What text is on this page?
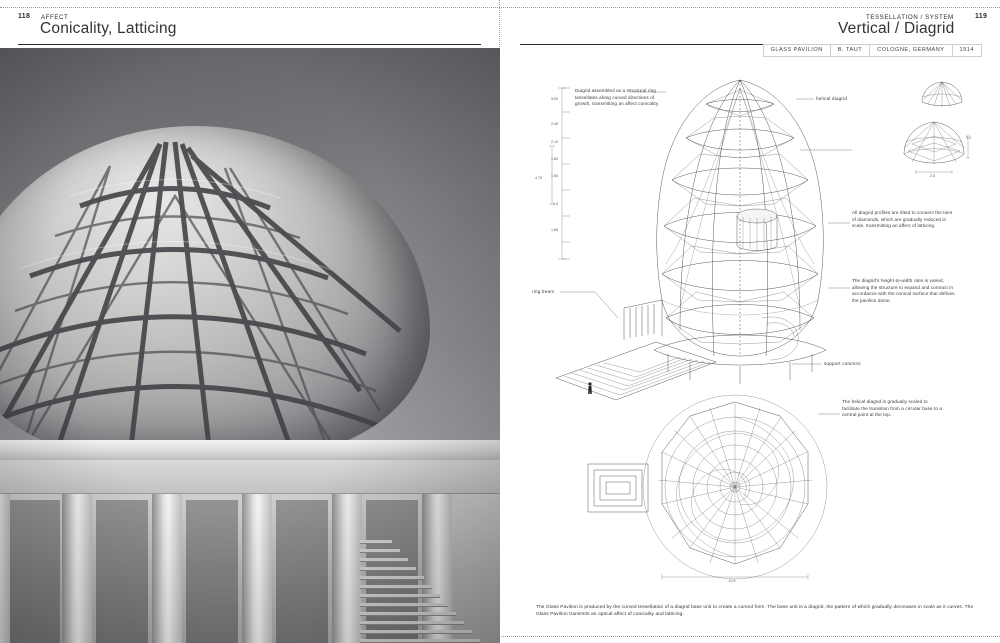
118 AFFECT
Conicality, Latticing
119
TESSELLATION / SYSTEM
Vertical / Diagrid
GLASS PAVILION	B. TAUT	COLOGNE, GERMANY	1914
3.00
2.45
2.10
1.80
1.55
1.4
1.65
4.75
1.4
2.5
10.5
Diagrid assembled as a structural ring tessellates along curved directions of growth, transmitting an affect conicality.
helical diagrid
ring beam
All diagrid profiles are tilted to connect the tiers of diamonds, which are gradually reduced in scale, transmitting an affect of latticing.
The diagrid's height-to-width ratio is varied, allowing the structure to expand and contract in accordance with the conical surface that defines the pavilion dome.
support columns
The helical diagrid is gradually scaled to facilitate the transition from a circular base to a central point at the top.
The Glass Pavilion is produced by the curved tessellation of a diagrid base unit to create a curved form. The base unit is a diagrid, the pattern of which gradually decreases in scale as it curves. The Glass Pavilion transmits an optical affect of conicality and latticing.
